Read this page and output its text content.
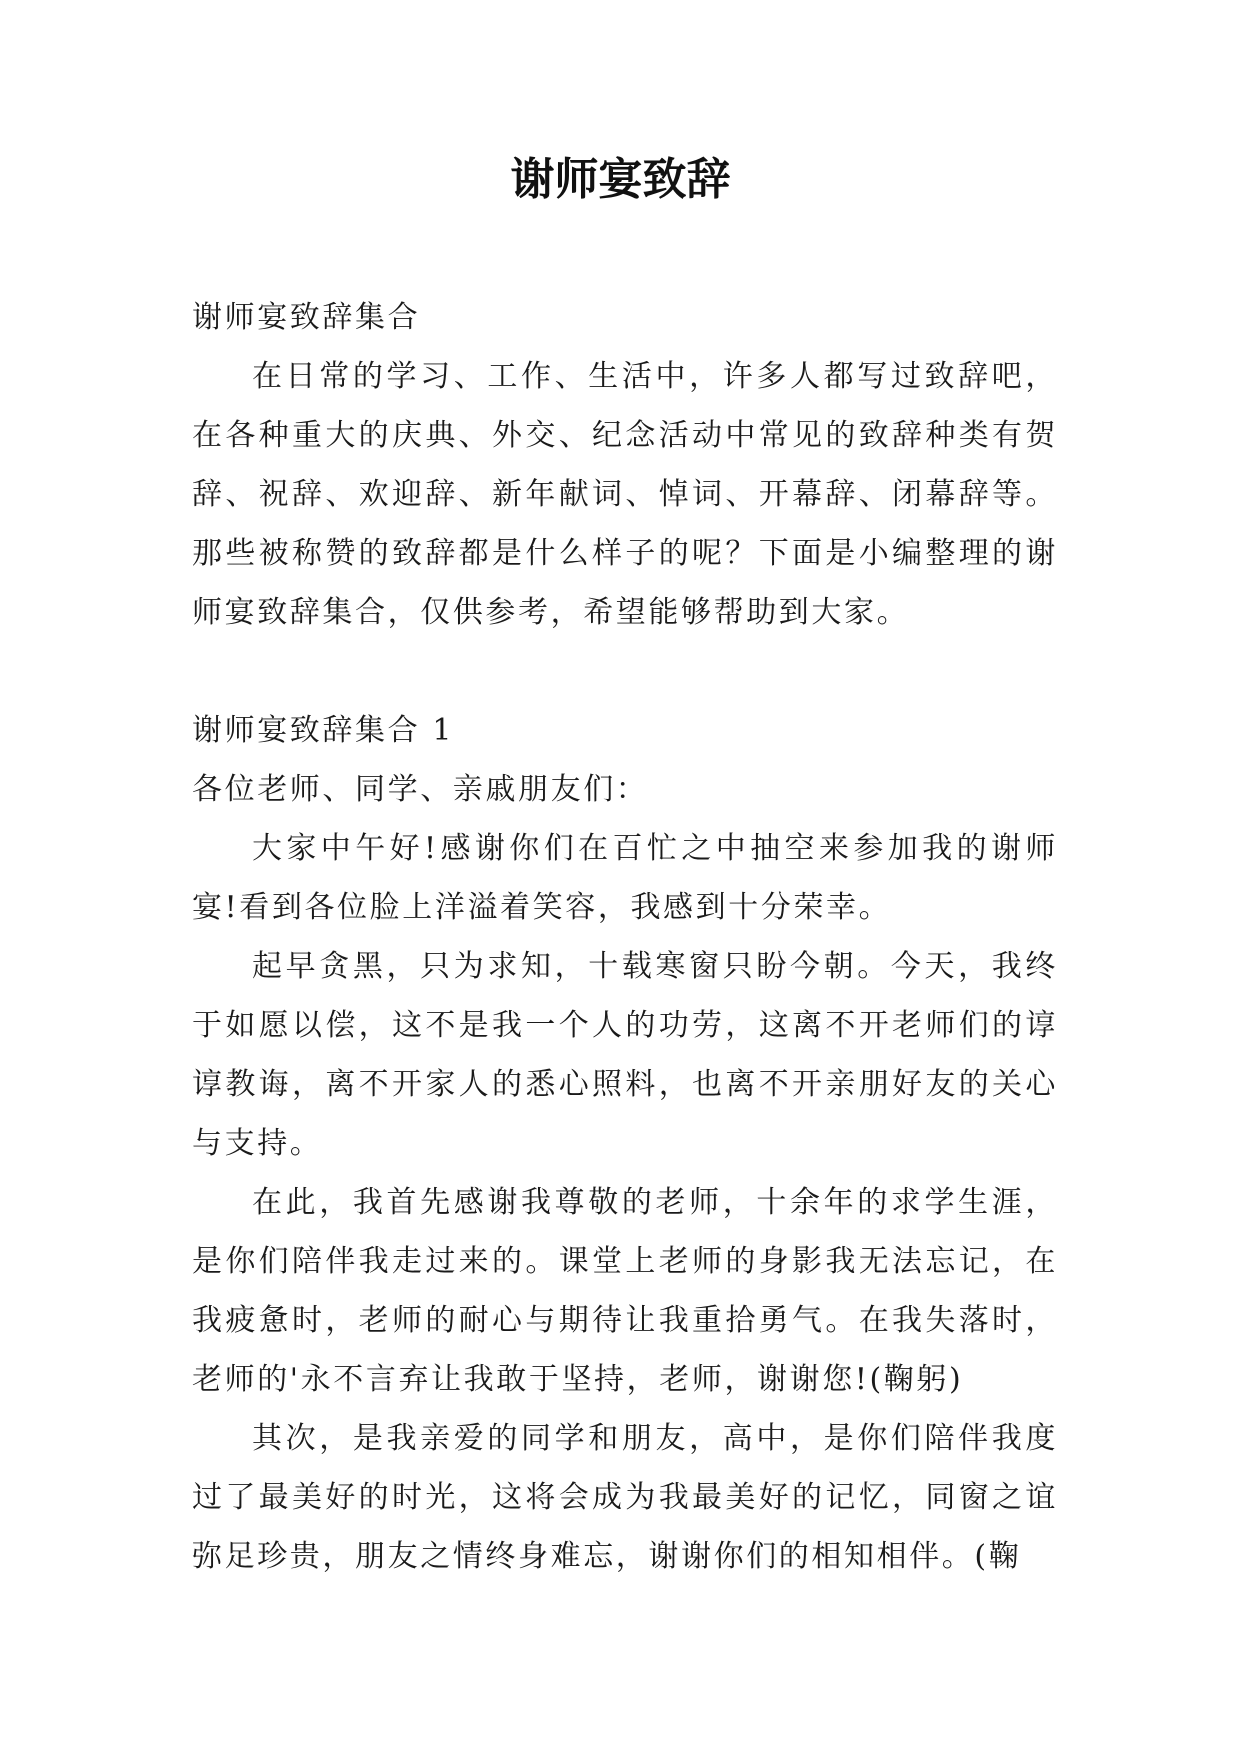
谢师宴致辞

谢师宴致辞集合

在日常的学习、工作、生活中，许多人都写过致辞吧，在各种重大的庆典、外交、纪念活动中常见的致辞种类有贺辞、祝辞、欢迎辞、新年献词、悼词、开幕辞、闭幕辞等。那些被称赞的致辞都是什么样子的呢？下面是小编整理的谢师宴致辞集合，仅供参考，希望能够帮助到大家。

谢师宴致辞集合 1

各位老师、同学、亲戚朋友们：

大家中午好!感谢你们在百忙之中抽空来参加我的谢师宴!看到各位脸上洋溢着笑容，我感到十分荣幸。

起早贪黑，只为求知，十载寒窗只盼今朝。今天，我终于如愿以偿，这不是我一个人的功劳，这离不开老师们的谆谆教诲，离不开家人的悉心照料，也离不开亲朋好友的关心与支持。

在此，我首先感谢我尊敬的老师，十余年的求学生涯，是你们陪伴我走过来的。课堂上老师的身影我无法忘记，在我疲惫时，老师的耐心与期待让我重拾勇气。在我失落时，老师的'永不言弃让我敢于坚持，老师，谢谢您!(鞠躬)

其次，是我亲爱的同学和朋友，高中，是你们陪伴我度过了最美好的时光，这将会成为我最美好的记忆，同窗之谊弥足珍贵，朋友之情终身难忘，谢谢你们的相知相伴。(鞠
